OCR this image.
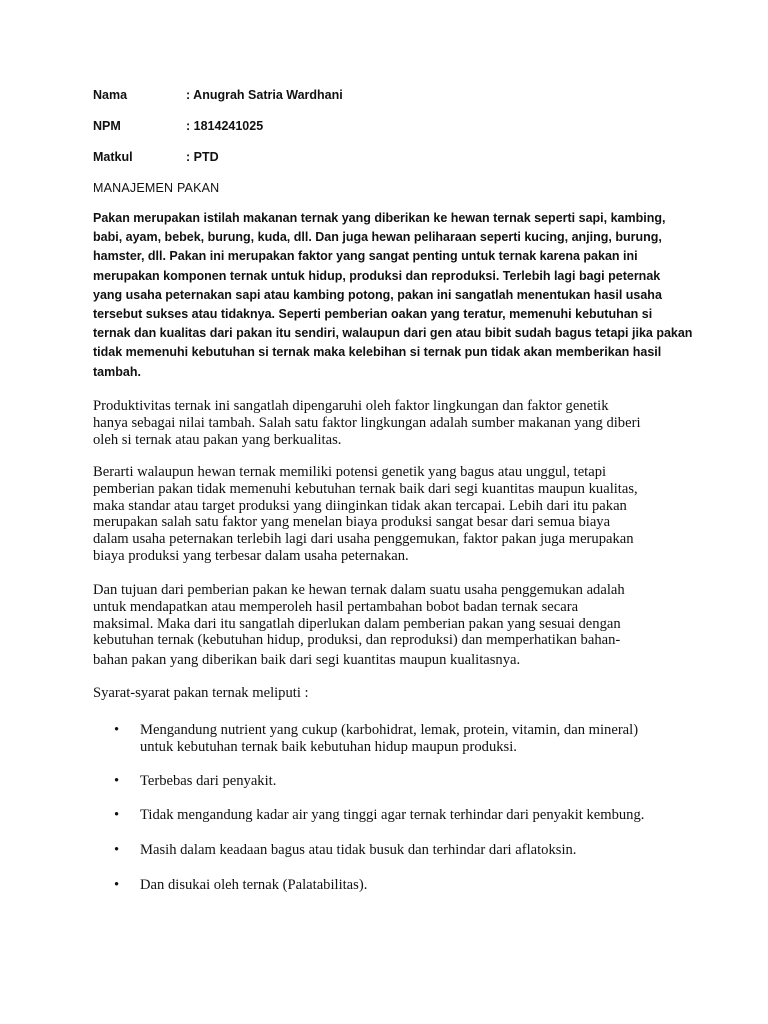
Nama	: Anugrah Satria Wardhani
NPM	: 1814241025
Matkul	: PTD
MANAJEMEN PAKAN

Pakan merupakan istilah makanan ternak yang diberikan ke hewan ternak seperti sapi, kambing,
babi, ayam, bebek, burung, kuda, dll. Dan juga hewan peliharaan seperti kucing, anjing, burung,
hamster, dll. Pakan ini merupakan faktor yang sangat penting untuk ternak karena pakan ini
merupakan komponen ternak untuk hidup, produksi dan reproduksi. Terlebih lagi bagi peternak
yang usaha peternakan sapi atau kambing potong, pakan ini sangatlah menentukan hasil usaha
tersebut sukses atau tidaknya. Seperti pemberian oakan yang teratur, memenuhi kebutuhan si
ternak dan kualitas dari pakan itu sendiri, walaupun dari gen atau bibit sudah bagus tetapi jika pakan
tidak memenuhi kebutuhan si ternak maka kelebihan si ternak pun tidak akan memberikan hasil
tambah.

Produktivitas ternak ini sangatlah dipengaruhi oleh faktor lingkungan dan faktor genetik
hanya sebagai nilai tambah. Salah satu faktor lingkungan adalah sumber makanan yang diberi
oleh si ternak atau pakan yang berkualitas.

Berarti walaupun hewan ternak memiliki potensi genetik yang bagus atau unggul, tetapi
pemberian pakan tidak memenuhi kebutuhan ternak baik dari segi kuantitas maupun kualitas,
maka standar atau target produksi yang diinginkan tidak akan tercapai. Lebih dari itu pakan
merupakan salah satu faktor yang menelan biaya produksi sangat besar dari semua biaya
dalam usaha peternakan terlebih lagi dari usaha penggemukan, faktor pakan juga merupakan
biaya produksi yang terbesar dalam usaha peternakan.

Dan tujuan dari pemberian pakan ke hewan ternak dalam suatu usaha penggemukan adalah
untuk mendapatkan atau memperoleh hasil pertambahan bobot badan ternak secara
maksimal. Maka dari itu sangatlah diperlukan dalam pemberian pakan yang sesuai dengan
kebutuhan ternak (kebutuhan hidup, produksi, dan reproduksi) dan memperhatikan bahan-
bahan pakan yang diberikan baik dari segi kuantitas maupun kualitasnya.

Syarat-syarat pakan ternak meliputi :

• Mengandung nutrient yang cukup (karbohidrat, lemak, protein, vitamin, dan mineral)
untuk kebutuhan ternak baik kebutuhan hidup maupun produksi.
• Terbebas dari penyakit.
• Tidak mengandung kadar air yang tinggi agar ternak terhindar dari penyakit kembung.
• Masih dalam keadaan bagus atau tidak busuk dan terhindar dari aflatoksin.
• Dan disukai oleh ternak (Palatabilitas).
